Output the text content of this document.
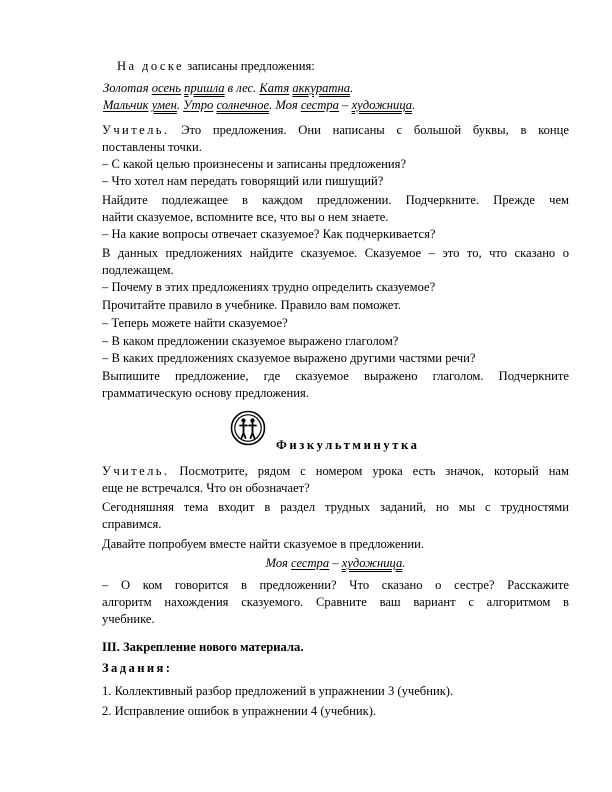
На доске записаны предложения:
Золотая осень пришла в лес. Катя аккуратна.
Мальчик умен. Утро солнечное. Моя сестра – художница.
Учитель. Это предложения. Они написаны с большой буквы, в конце
поставлены точки.
– С какой целью произнесены и записаны предложения?
– Что хотел нам передать говорящий или пишущий?
Найдите подлежащее в каждом предложении. Подчеркните. Прежде чем
найти сказуемое, вспомните все, что вы о нем знаете.
– На какие вопросы отвечает сказуемое? Как подчеркивается?
В данных предложениях найдите сказуемое. Сказуемое – это то, что сказано о
подлежащем.
– Почему в этих предложениях трудно определить сказуемое?
Прочитайте правило в учебнике. Правило вам поможет.
– Теперь можете найти сказуемое?
– В каком предложении сказуемое выражено глаголом?
– В каких предложениях сказуемое выражено другими частями речи?
Выпишите предложение, где сказуемое выражено глаголом. Подчеркните
грамматическую основу предложения.
Физкультминутка
Учитель. Посмотрите, рядом с номером урока есть значок, который нам
еще не встречался. Что он обозначает?
Сегодняшняя тема входит в раздел трудных заданий, но мы с трудностями
справимся.
Давайте попробуем вместе найти сказуемое в предложении.
Моя сестра – художница.
– О ком говорится в предложении? Что сказано о сестре? Расскажите
алгоритм нахождения сказуемого. Сравните ваш вариант с алгоритмом в
учебнике.
III. Закрепление нового материала.
Задания:
1. Коллективный разбор предложений в упражнении 3 (учебник).
2. Исправление ошибок в упражнении 4 (учебник).
